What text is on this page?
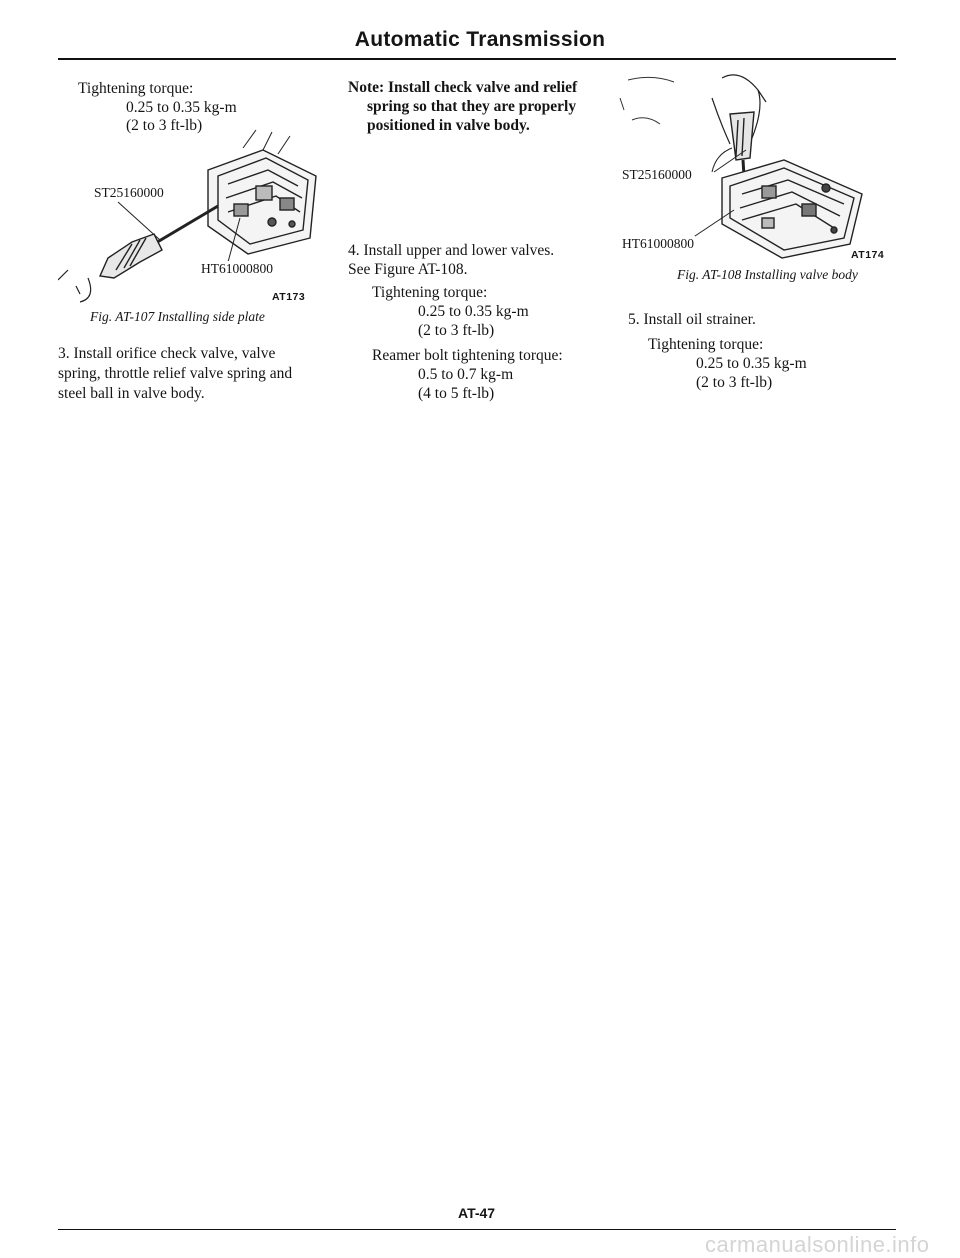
Automatic Transmission
Tightening torque:
0.25 to 0.35 kg-m
(2 to 3 ft-lb)
ST25160000
HT61000800
AT173
Fig. AT-107 Installing side plate
3. Install orifice check valve, valve
spring, throttle relief valve spring and
steel ball in valve body.
Note: Install check valve and relief
spring so that they are properly
positioned in valve body.
4. Install upper and lower valves.
See Figure AT-108.
Tightening torque:
0.25 to 0.35 kg-m
(2 to 3 ft-lb)
Reamer bolt tightening torque:
0.5 to 0.7 kg-m
(4 to 5 ft-lb)
ST25160000
HT61000800
AT174
Fig. AT-108 Installing valve body
5. Install oil strainer.
Tightening torque:
0.25 to 0.35 kg-m
(2 to 3 ft-lb)
AT-47
carmanualsonline.info
